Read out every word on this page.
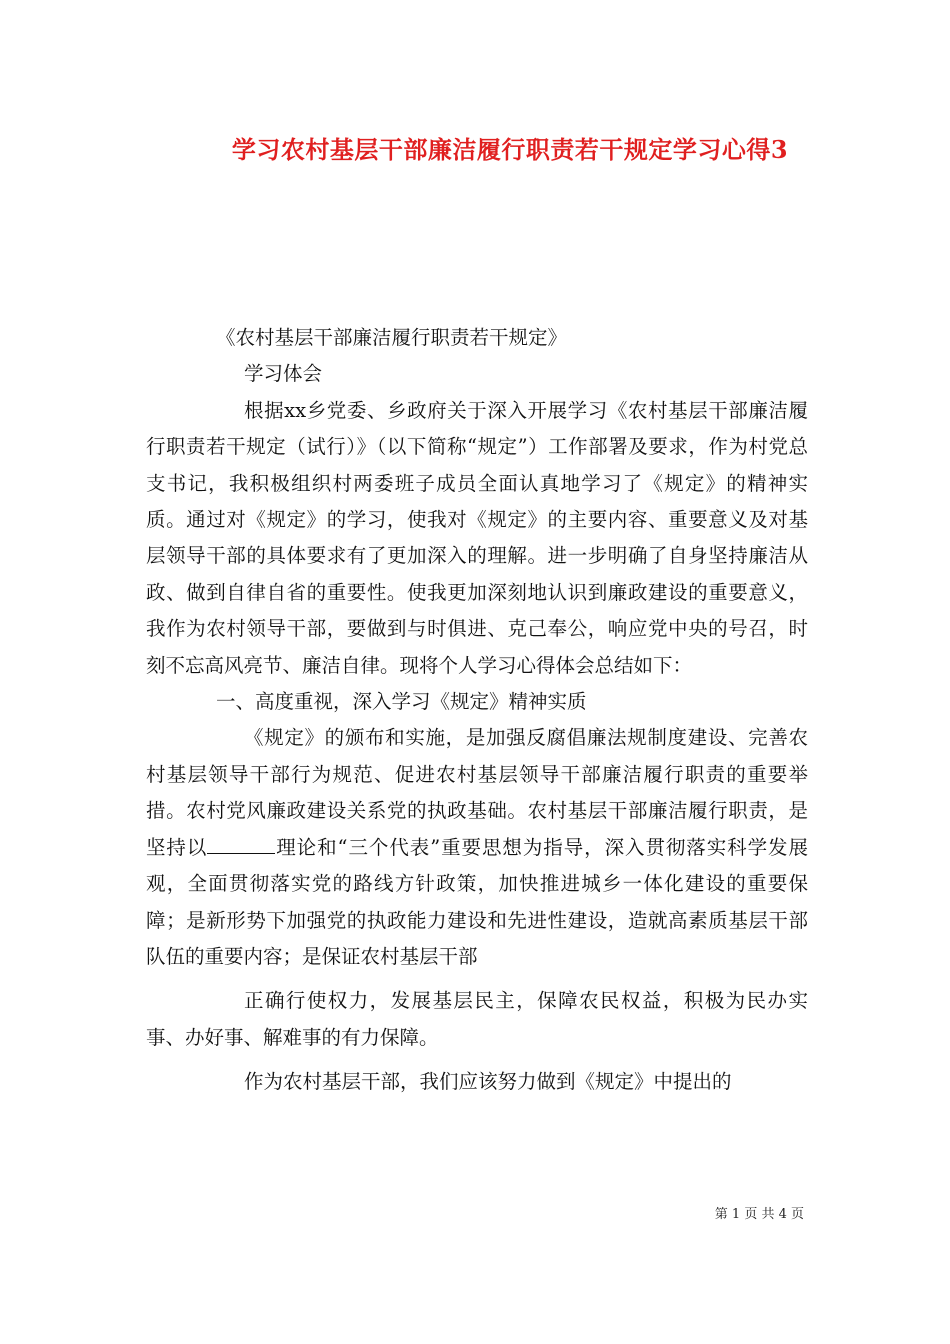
学习农村基层干部廉洁履行职责若干规定学习心得3

《农村基层干部廉洁履行职责若干规定》

学习体会

根据xx乡党委、乡政府关于深入开展学习《农村基层干部廉洁履行职责若干规定（试行）》（以下简称“规定”）工作部署及要求，作为村党总支书记，我积极组织村两委班子成员全面认真地学习了《规定》的精神实质。通过对《规定》的学习，使我对《规定》的主要内容、重要意义及对基层领导干部的具体要求有了更加深入的理解。进一步明确了自身坚持廉洁从政、做到自律自省的重要性。使我更加深刻地认识到廉政建设的重要意义，我作为农村领导干部，要做到与时俱进、克己奉公，响应党中央的号召，时刻不忘高风亮节、廉洁自律。现将个人学习心得体会总结如下：

一、高度重视，深入学习《规定》精神实质

《规定》的颁布和实施，是加强反腐倡廉法规制度建设、完善农村基层领导干部行为规范、促进农村基层领导干部廉洁履行职责的重要举措。农村党风廉政建设关系党的执政基础。农村基层干部廉洁履行职责，是坚持以	理论和“三个代表”重要思想为指导，深入贯彻落实科学发展观，全面贯彻落实党的路线方针政策，加快推进城乡一体化建设的重要保障；是新形势下加强党的执政能力建设和先进性建设，造就高素质基层干部队伍的重要内容；是保证农村基层干部

正确行使权力，发展基层民主，保障农民权益，积极为民办实事、办好事、解难事的有力保障。

作为农村基层干部，我们应该努力做到《规定》中提出的

第 1 页 共 4 页
